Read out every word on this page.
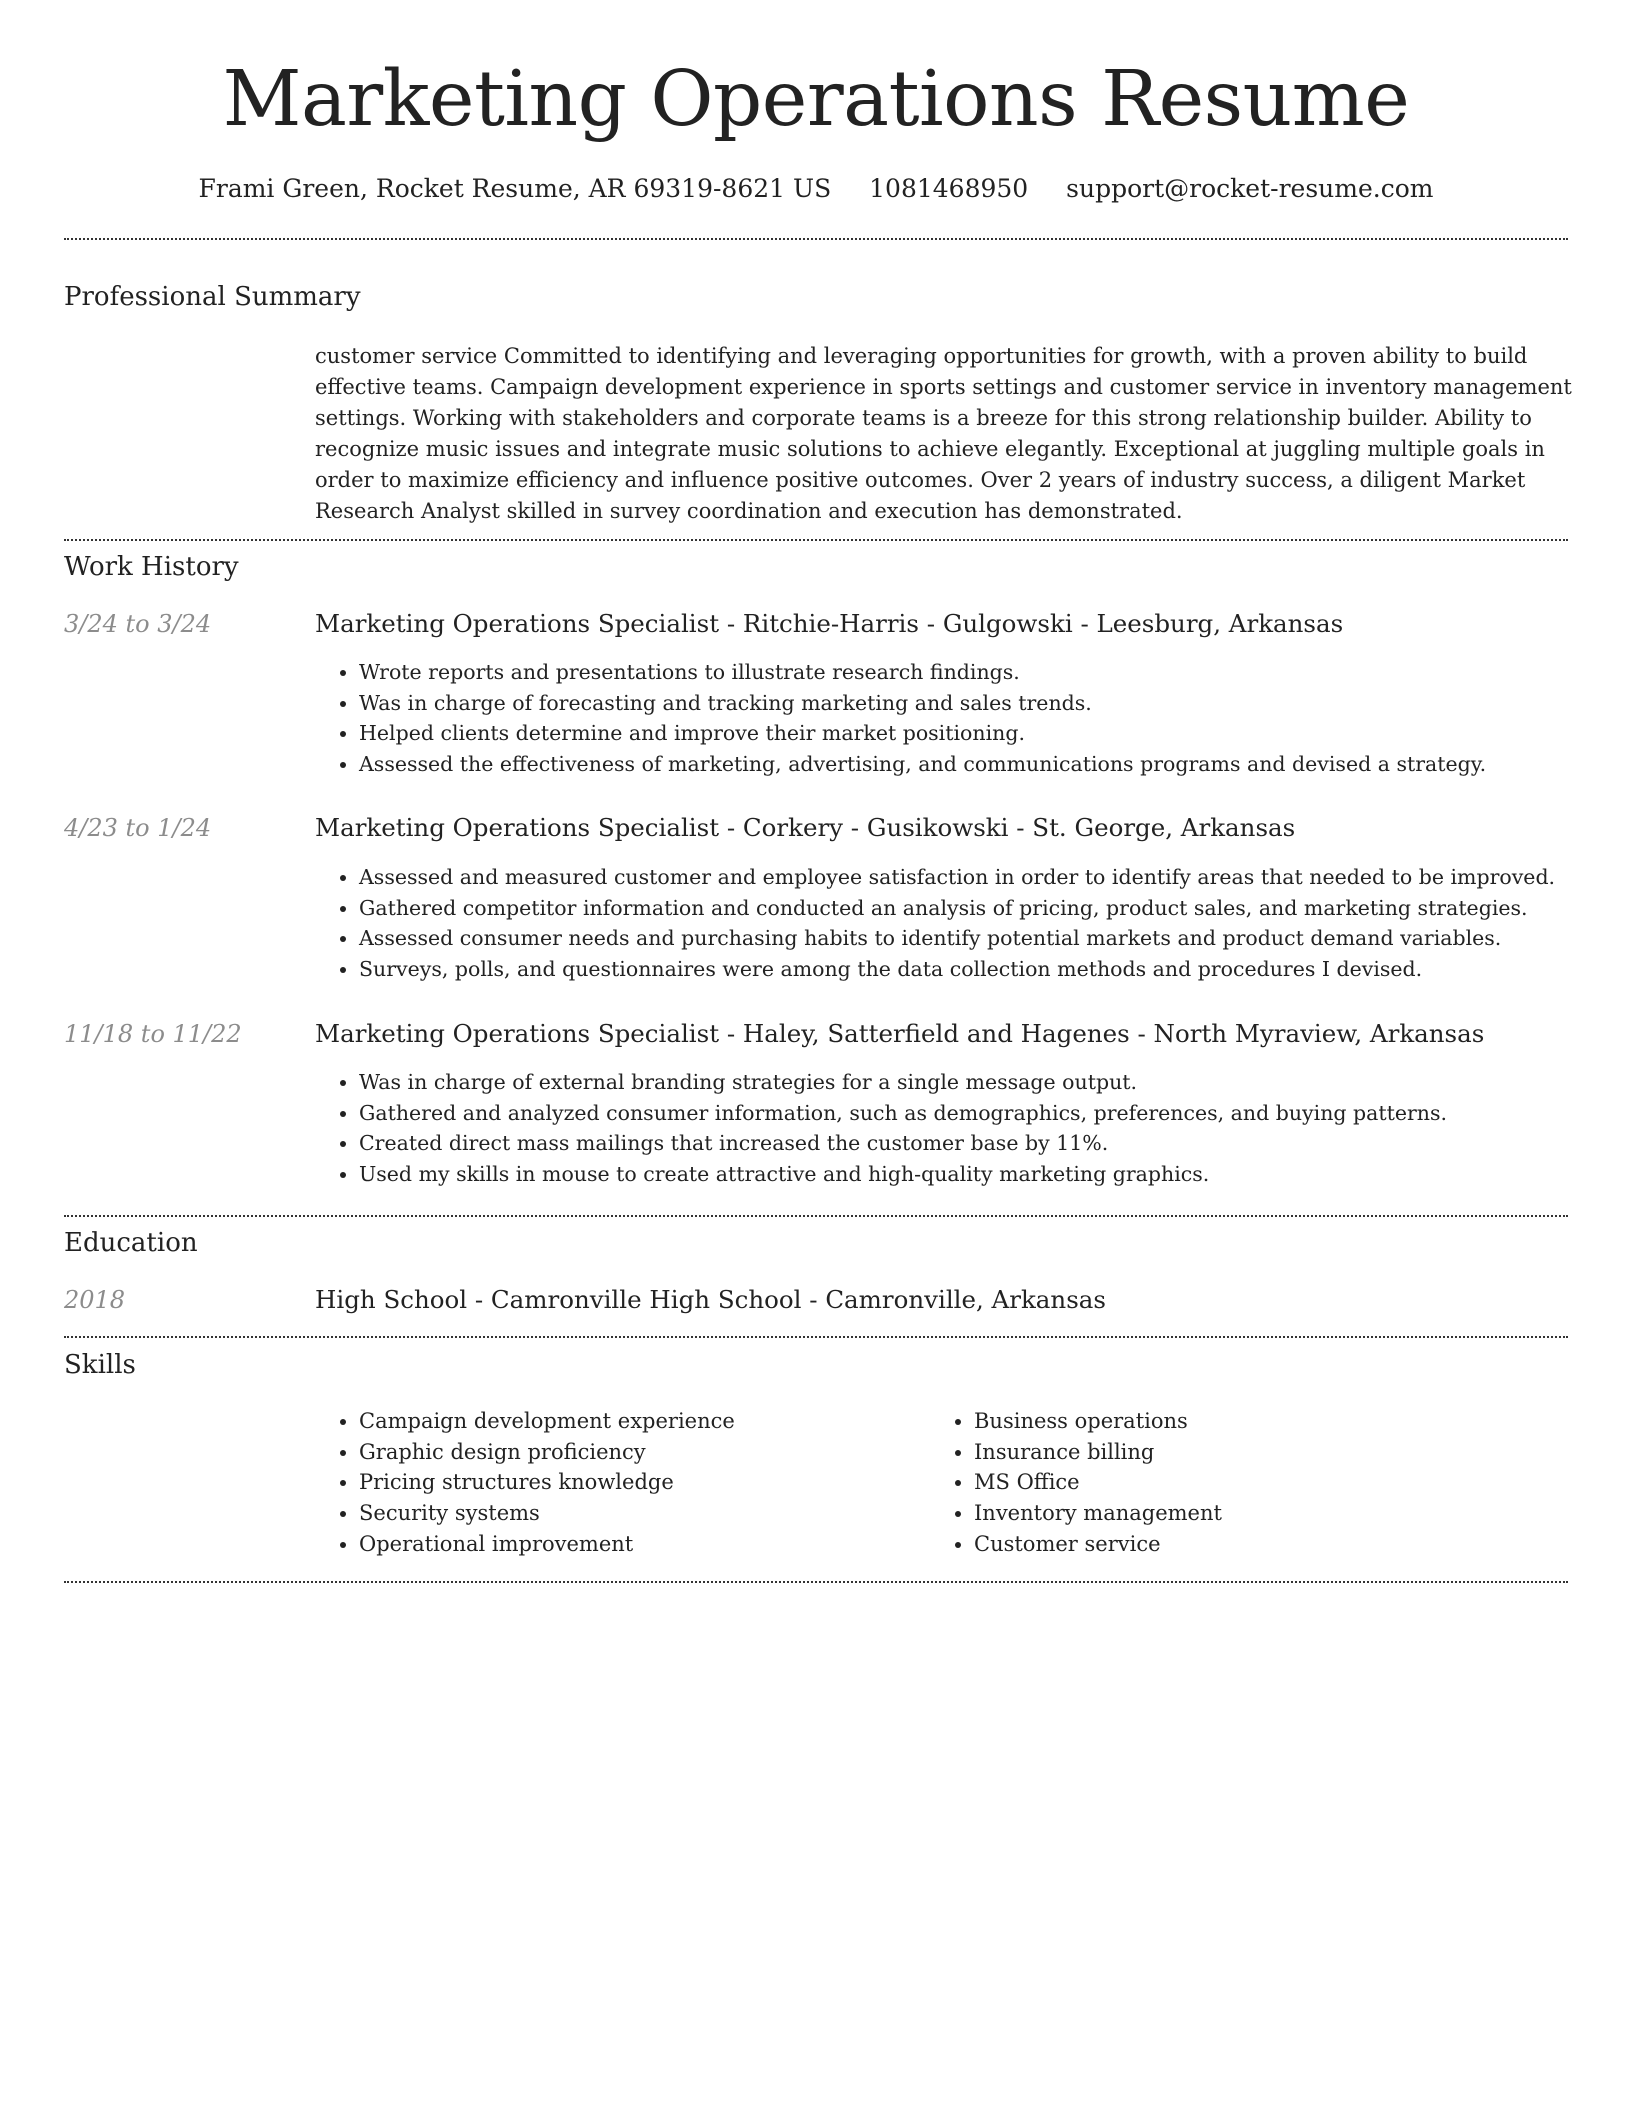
Marketing Operations Resume
Frami Green, Rocket Resume, AR 69319-8621 US 1081468950 support@rocket-resume.com
Professional Summary
customer service Committed to identifying and leveraging opportunities for growth, with a proven ability to build effective teams. Campaign development experience in sports settings and customer service in inventory management settings. Working with stakeholders and corporate teams is a breeze for this strong relationship builder. Ability to recognize music issues and integrate music solutions to achieve elegantly. Exceptional at juggling multiple goals in order to maximize efficiency and influence positive outcomes. Over 2 years of industry success, a diligent Market Research Analyst skilled in survey coordination and execution has demonstrated.
Work History
3/24 to 3/24	Marketing Operations Specialist - Ritchie-Harris - Gulgowski - Leesburg, Arkansas
• Wrote reports and presentations to illustrate research findings.
• Was in charge of forecasting and tracking marketing and sales trends.
• Helped clients determine and improve their market positioning.
• Assessed the effectiveness of marketing, advertising, and communications programs and devised a strategy.
4/23 to 1/24	Marketing Operations Specialist - Corkery - Gusikowski - St. George, Arkansas
• Assessed and measured customer and employee satisfaction in order to identify areas that needed to be improved.
• Gathered competitor information and conducted an analysis of pricing, product sales, and marketing strategies.
• Assessed consumer needs and purchasing habits to identify potential markets and product demand variables.
• Surveys, polls, and questionnaires were among the data collection methods and procedures I devised.
11/18 to 11/22	Marketing Operations Specialist - Haley, Satterfield and Hagenes - North Myraview, Arkansas
• Was in charge of external branding strategies for a single message output.
• Gathered and analyzed consumer information, such as demographics, preferences, and buying patterns.
• Created direct mass mailings that increased the customer base by 11%.
• Used my skills in mouse to create attractive and high-quality marketing graphics.
Education
2018	High School - Camronville High School - Camronville, Arkansas
Skills
• Campaign development experience
• Graphic design proficiency
• Pricing structures knowledge
• Security systems
• Operational improvement
• Business operations
• Insurance billing
• MS Office
• Inventory management
• Customer service
